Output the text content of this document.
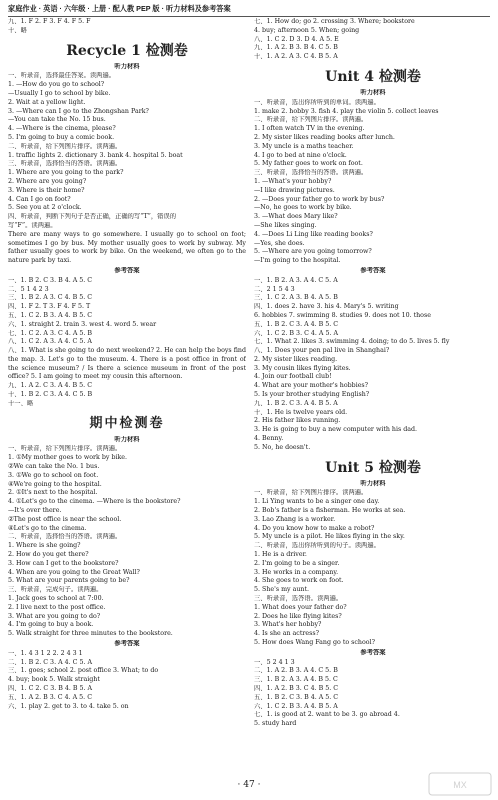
家庭作业 · 英语 · 六年级 · 上册 · 配人教 PEP 版 · 听力材料及参考答案
九、1. F 2. F 3. F 4. F 5. F
十、略
Recycle 1 检测卷
听力材料
一、听录音，选择最佳答案。读两遍。
1. —How do you go to school?
—Usually I go to school by bike.
2. Wait at a yellow light.
3. —Where can I go to the Zhongshan Park?
—You can take the No. 15 bus.
4. —Where is the cinema, please?
5. I'm going to buy a comic book.
二、听录音，给下列图片排序。读两遍。
1. traffic lights 2. dictionary 3. bank 4. hospital 5. boat
三、听录音，选择恰当的答语。读两遍。
1. Where are you going to the park?
2. Where are you going?
3. Where is their home?
4. Can I go on foot?
5. See you at 2 o'clock.
四、听录音，判断下列句子是否正确，正确的写“T”，错误的
写“F”。读两遍。
There are many ways to go somewhere. I usually go to school on foot; sometimes I go by bus. My mother usually goes to work by subway. My father usually goes to work by bike. On the weekend, we often go to the nature park by taxi.
参考答案
一、1. B 2. C 3. B 4. A 5. C
二、5 1 4 2 3
三、1. B 2. A 3. C 4. B 5. C
四、1. F 2. T 3. F 4. F 5. T
五、1. C 2. B 3. A 4. B 5. C
六、1. straight 2. train 3. west 4. word 5. wear
七、1. C 2. A 3. C 4. A 5. B
八、1. C 2. A 3. A 4. C 5. A
八、1. What is she going to do next weekend? 2. He can help the boys find the map. 3. Let's go to the museum. 4. There is a post office in front of the science museum? / Is there a science museum in front of the post office? 5. I am going to meet my cousin this afternoon.
九、1. A 2. C 3. A 4. B 5. C
十、1. B 2. C 3. A 4. C 5. B
十一、略
期中检测卷
听力材料
一、听录音，给下列图片排序。读两遍。
1. ①My mother goes to work by bike.
②We can take the No. 1 bus.
3. ①We go to school on foot.
④We're going to the hospital.
2. ①It's next to the hospital.
4. ①Let's go to the cinema. —Where is the bookstore?
—It's over there.
②The post office is near the school.
④Let's go to the cinema.
二、听录音，选择恰当的答语。读两遍。
1. Where is she going?
2. How do you get there?
3. How can I get to the bookstore?
4. When are you going to the Great Wall?
5. What are your parents going to be?
三、听录音，完成句子。读两遍。
1. Jack goes to school at 7:00.
2. I live next to the post office.
3. What are you going to do?
4. I'm going to buy a book.
5. Walk straight for three minutes to the bookstore.
参考答案
一、1. 4 3 1 2 2. 2 4 3 1
二、1. B 2. C 3. A 4. C 5. A
三、1. goes; school 2. post office 3. What; to do
4. buy; book 5. Walk straight
四、1. C 2. C 3. B 4. B 5. A
五、1. A 2. B 3. C 4. A 5. C
六、1. play 2. get to 3. to 4. take 5. on
七、1. How do; go 2. crossing 3. Where; bookstore
4. buy; afternoon 5. When; going
八、1. C 2. D 3. D 4. A 5. E
九、1. A 2. B 3. B 4. C 5. B
十、1. A 2. A 3. C 4. B 5. A
Unit 4 检测卷
听力材料
一、听录音，选出你所听到的单词。读两遍。
1. make 2. hobby 3. fish 4. play the violin 5. collect leaves
二、听录音，给下列图片排序。读两遍。
1. I often watch TV in the evening.
2. My sister likes reading books after lunch.
3. My uncle is a maths teacher.
4. I go to bed at nine o'clock.
5. My father goes to work on foot.
三、听录音，选择恰当的答语。读两遍。
1. —What's your hobby?
—I like drawing pictures.
2. —Does your father go to work by bus?
—No, he goes to work by bike.
3. —What does Mary like?
—She likes singing.
4. —Does Li Ling like reading books?
—Yes, she does.
5. —Where are you going tomorrow?
—I'm going to the hospital.
参考答案
一、1. B 2. A 3. A 4. C 5. A
二、2 1 5 4 3
三、1. C 2. A 3. B 4. A 5. B
四、1. does 2. have 3. his 4. Mary's 5. writing
6. hobbies 7. swimming 8. studies 9. does not 10. those
五、1. B 2. C 3. A 4. B 5. C
六、1. C 2. B 3. C 4. A 5. A
七、1. What 2. likes 3. swimming 4. doing; to do 5. lives 5. fly
八、1. Does your pen pal live in Shanghai?
2. My sister likes reading.
3. My cousin likes flying kites.
4. Join our football club!
4. What are your mother's hobbies?
5. Is your brother studying English?
九、1. B 2. C 3. A 4. B 5. A
十、1. He is twelve years old.
2. His father likes running.
3. He is going to buy a new computer with his dad.
4. Benny.
5. No, he doesn't.
Unit 5 检测卷
听力材料
一、听录音，给下列图片排序。读两遍。
1. Li Ying wants to be a singer one day.
2. Bob's father is a fisherman. He works at sea.
3. Lao Zhang is a worker.
4. Do you know how to make a robot?
5. My uncle is a pilot. He likes flying in the sky.
二、听录音，选出你所听到的句子。读两遍。
1. He is a driver.
2. I'm going to be a singer.
3. He works in a company.
4. She goes to work on foot.
5. She's my aunt.
三、听录音，选答语。读两遍。
1. What does your father do?
2. Does he like flying kites?
3. What's her hobby?
4. Is she an actress?
5. How does Wang Fang go to school?
参考答案
一、5 2 4 1 3
二、1. A 2. B 3. A 4. C 5. B
三、1. B 2. A 3. A 4. B 5. C
四、1. A 2. B 3. C 4. B 5. C
五、1. B 2. C 3. B 4. A 5. C
六、1. C 2. B 3. A 4. B 5. A
七、1. is good at 2. want to be 3. go abroad 4.
5. study hard
· 47 ·	MX
